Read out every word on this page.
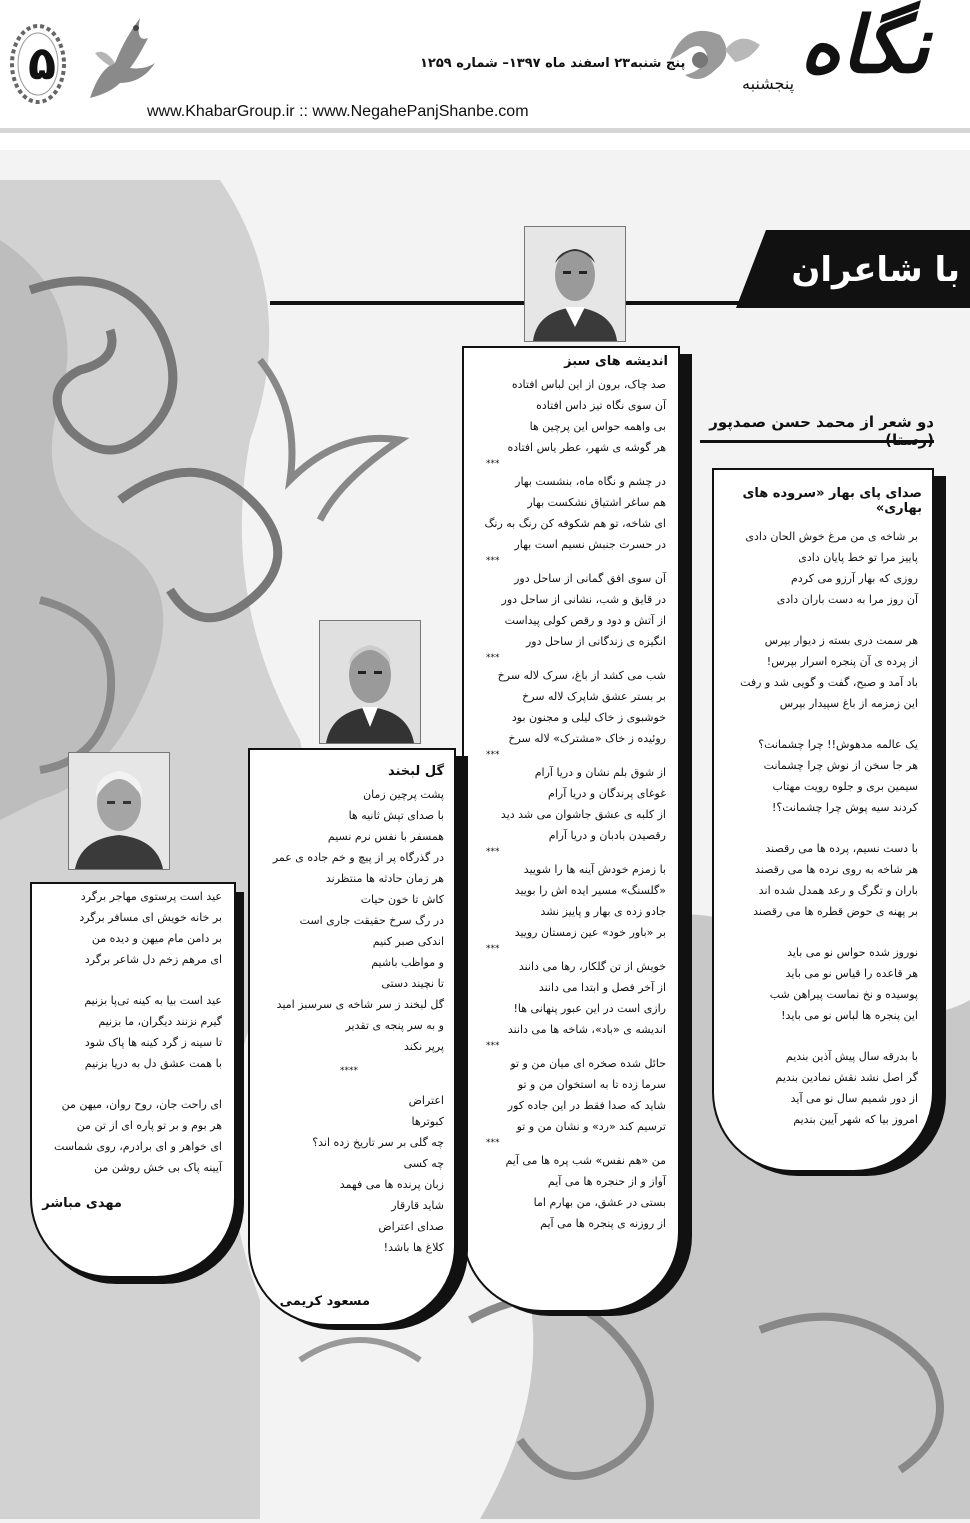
۵	پنج شنبه۲۳ اسفند ماه ۱۳۹۷– شماره ۱۲۵۹
www.KhabarGroup.ir :: www.NegahePanjShanbe.com
نگاه
پنجشنبه
با شاعران
دو شعر از محمد حسن صمدپور
صدای پای بهار «سروده های بهاری»
بر شاخه ی من مرغ خوش الحان دادی
پاییز مرا تو خط پایان دادی
روزی که بهار آرزو می کردم
آن روز مرا به دست باران دادی
هر سمت دری بسته ز دیوار بپرس
از پرده ی آن پنجره اسرار بپرس!
باد آمد و صبح، گفت و گویی شد و رفت
این زمزمه از باغ سپیدار بپرس
یک عالمه مدهوش!! چرا چشمانت؟
هر جا سخن از نوش چرا چشمانت
سیمین بری و جلوه رویت مهتاب
کردند سیه پوش چرا چشمانت؟!
با دست نسیم، پرده ها می رقصند
هر شاخه به روی نرده ها می رقصند
باران و تگرگ و رعد همدل شده اند
بر پهنه ی حوض قطره ها می رقصند
نوروز شده حواس نو می باید
هر قاعده را قیاس نو می باید
پوسیده و نخ نماست پیراهن شب
این پنجره ها لباس نو می باید!
با بدرقه سال پیش آذین بندیم
گر اصل نشد نقش نمادین بندیم
از دور شمیم سال نو می آید
امروز بیا که شهر آیین بندیم
اندیشه های سبز
صد چاک، برون از این لباس افتاده
آن سوی نگاه تیز داس افتاده
بی واهمه حواس این پرچین ها
هر گوشه ی شهر، عطر یاس افتاده
***
در چشم و نگاه ماه، بنشست بهار
هم ساغر اشتیاق نشکست بهار
ای شاخه، تو هم شکوفه کن رنگ به رنگ
در حسرت جنبش نسیم است بهار
***
آن سوی افق گمانی از ساحل دور
در قایق و شب، نشانی از ساحل دور
از آتش و دود و رقص کولی پیداست
انگیزه ی زندگانی از ساحل دور
***
شب می کشد از باغ، سرک لاله سرخ
بر بستر عشق شاپرک لاله سرخ
خوشبوی ز خاک لیلی و مجنون بود
روئیده ز خاک «مشترک» لاله سرخ
***
از شوق بلم نشان و دریا آرام
غوغای پرندگان و دریا آرام
از کلبه ی عشق جاشوان می شد دید
رقصیدن بادبان و دریا آرام
***
با زمزم خودش آینه ها را شویید
«گلسنگ» مسیر ایده اش را بویید
جادو زده ی بهار و پاییز نشد
بر «باور خود» عین زمستان رویید
***
خویش از تن گلکار، رها می دانند
از آخر فصل و ابتدا می دانند
رازی است در این عبور پنهانی ها!
اندیشه ی «باد»، شاخه ها می دانند
***
حائل شده صخره ای میان من و تو
سرما زده تا به استخوان من و تو
شاید که صدا فقط در این جاده کور
ترسیم کند «رد» و نشان من و تو
***
من «هم نفس» شب پره ها می آیم
آواز و از حنجره ها می آیم
بستی در عشق، من بهارم اما
از روزنه ی پنجره ها می آیم
گل لبخند
پشت پرچین زمان
با صدای تپش ثانیه ها
همسفر با نفس نرم نسیم
در گذرگاه پر از پیچ و خم جاده ی عمر
هر زمان حادثه ها منتظرند
کاش تا خون حیات
در رگ سرخ حقیقت جاری است
اندکی صبر کنیم
و مواظب باشیم
تا نچیند دستی
گل لبخند ز سر شاخه ی سرسبز امید
و به سر پنجه ی تقدیر
پرپر نکند
****
اعتراض
کبوترها
چه گلی بر سر تاریخ زده اند؟
چه کسی
زبان پرنده ها می فهمد
شاید قارقار
صدای اعتراض
کلاغ ها باشد!
مسعود کریمی
عید است پرستوی مهاجر برگرد
بر خانه خویش ای مسافر برگرد
بر دامن مام میهن و دیده من
ای مرهم زخم دل شاعر برگرد
عید است بیا به کینه تی‌پا بزنیم
گیرم نزنند دیگران، ما بزنیم
تا سینه ز گرد کینه ها پاک شود
با همت عشق دل به دریا بزنیم
ای راحت جان، روح روان، میهن من
هر بوم و بر تو پاره ای از تن من
ای خواهر و ای برادرم، روی شماست
آیینه پاک بی خش روشن من
مهدی مباشر
